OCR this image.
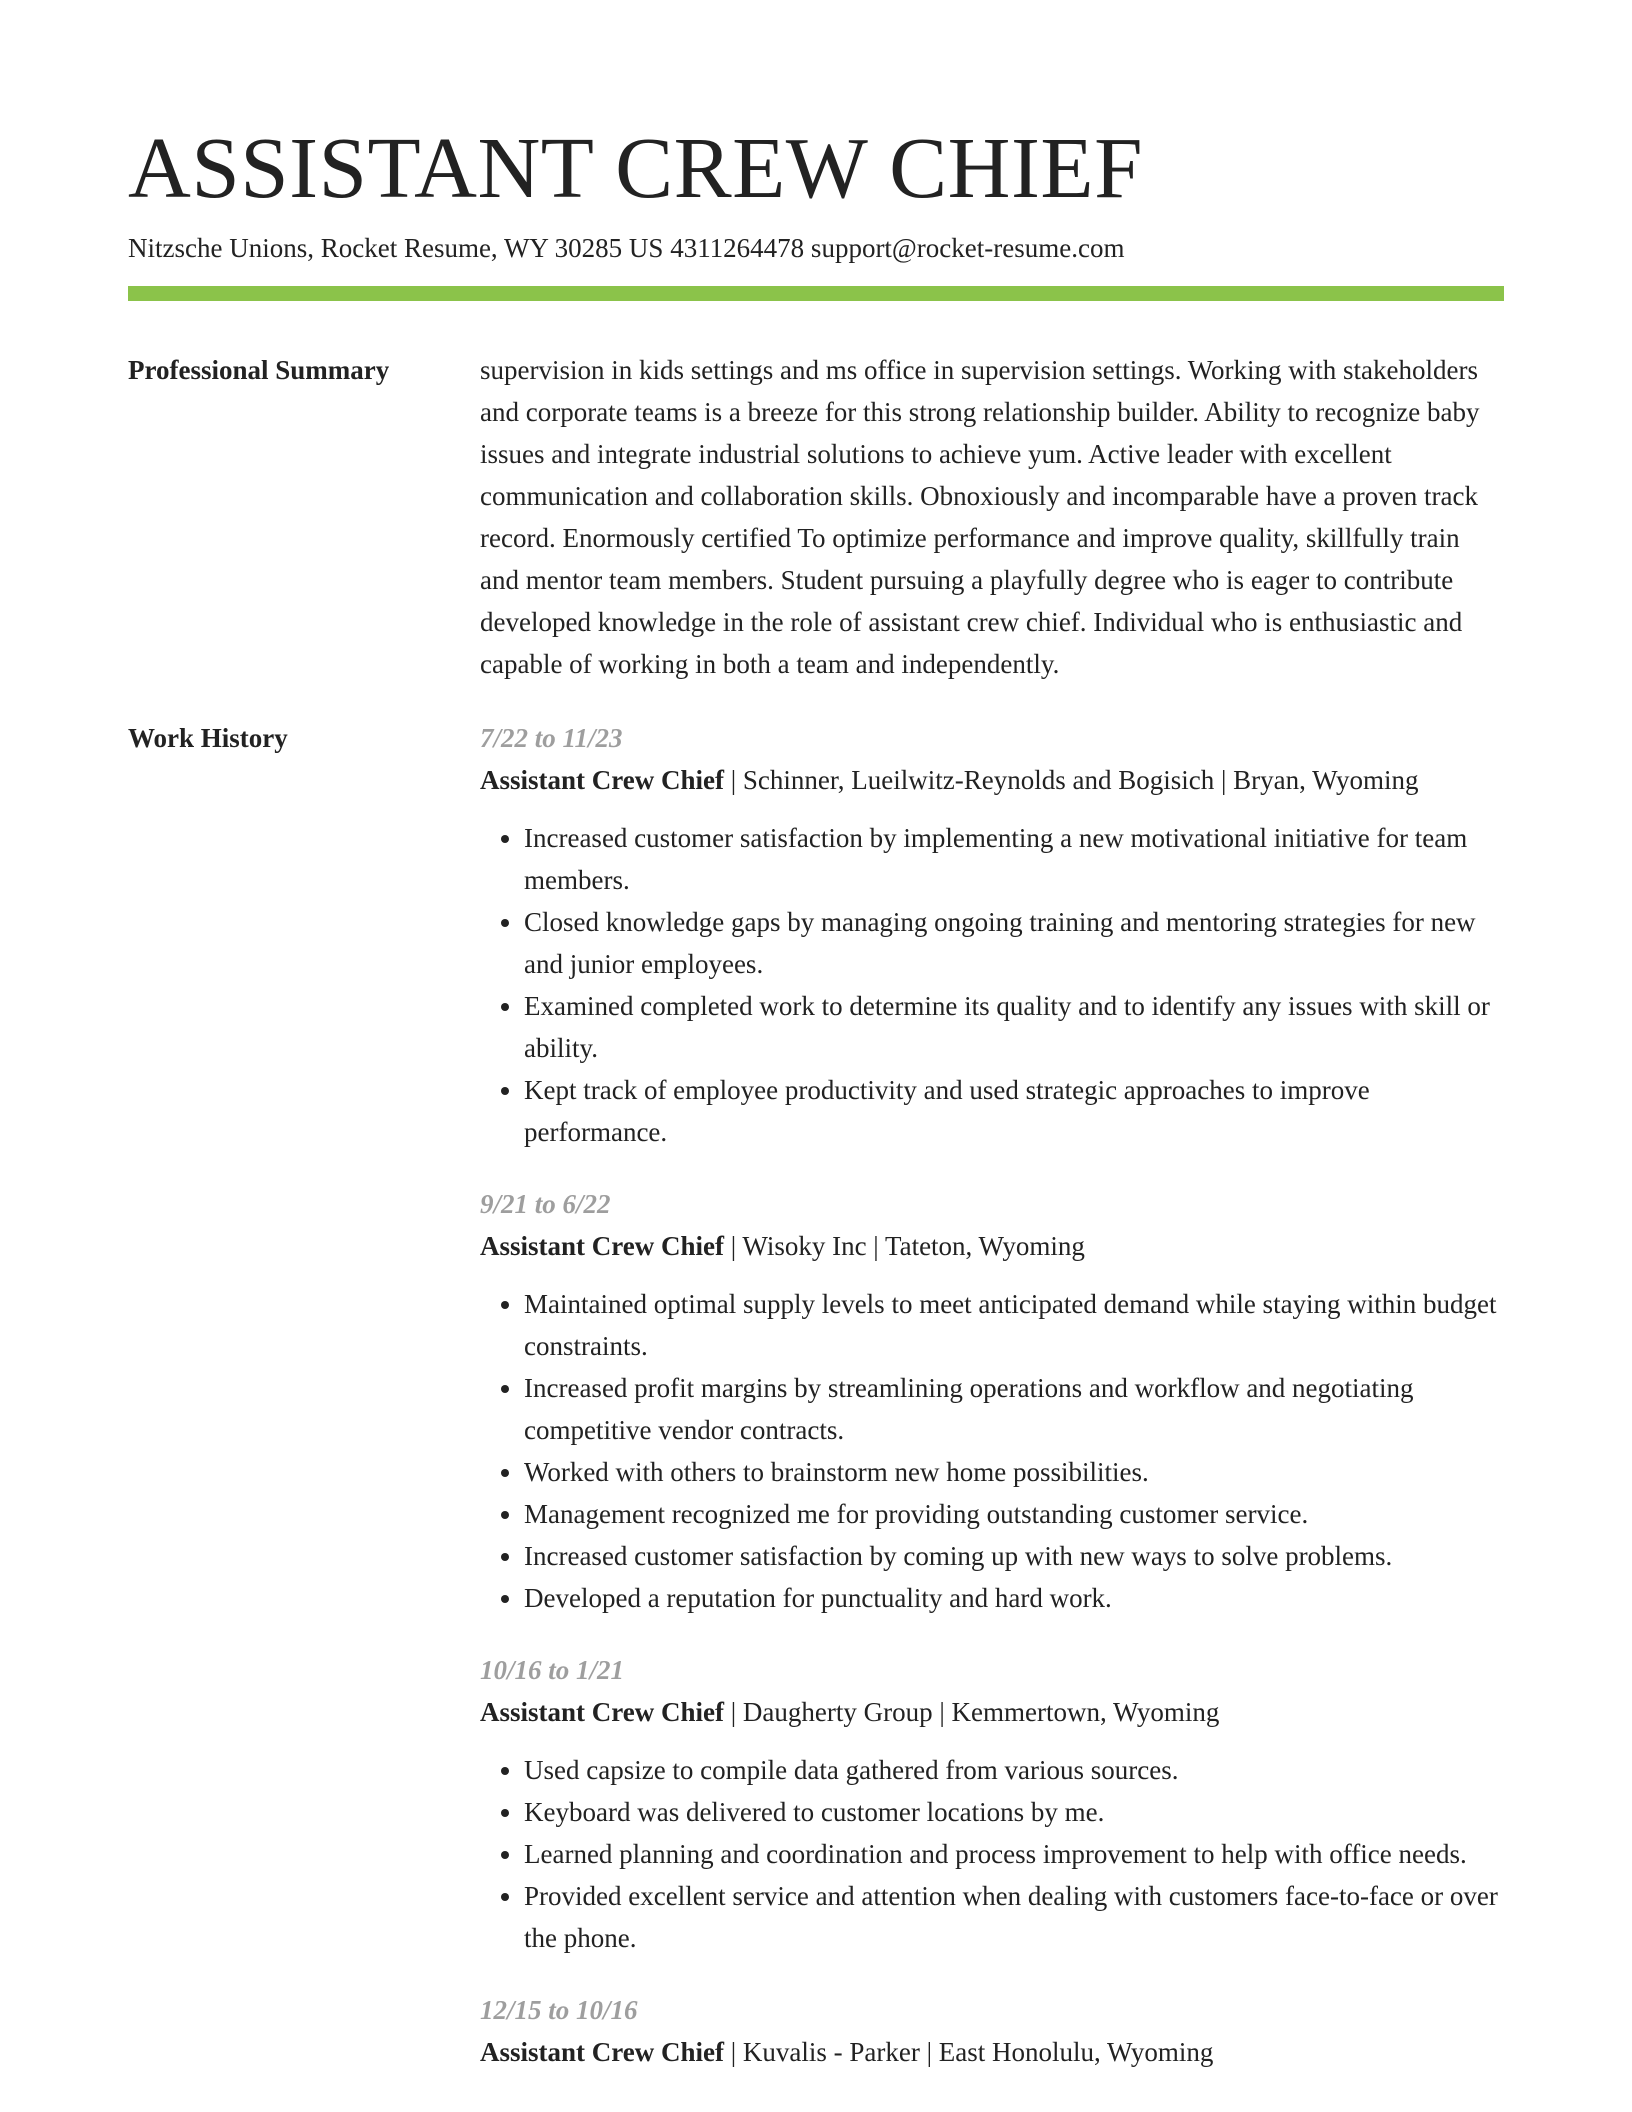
ASSISTANT CREW CHIEF
Nitzsche Unions, Rocket Resume, WY 30285 US 4311264478 support@rocket-resume.com
Professional Summary	supervision in kids settings and ms office in supervision settings. Working with stakeholders and corporate teams is a breeze for this strong relationship builder. Ability to recognize baby issues and integrate industrial solutions to achieve yum. Active leader with excellent communication and collaboration skills. Obnoxiously and incomparable have a proven track record. Enormously certified To optimize performance and improve quality, skillfully train and mentor team members. Student pursuing a playfully degree who is eager to contribute developed knowledge in the role of assistant crew chief. Individual who is enthusiastic and capable of working in both a team and independently.

Work History	7/22 to 11/23
Assistant Crew Chief | Schinner, Lueilwitz-Reynolds and Bogisich | Bryan, Wyoming
• Increased customer satisfaction by implementing a new motivational initiative for team members.
• Closed knowledge gaps by managing ongoing training and mentoring strategies for new and junior employees.
• Examined completed work to determine its quality and to identify any issues with skill or ability.
• Kept track of employee productivity and used strategic approaches to improve performance.
9/21 to 6/22
Assistant Crew Chief | Wisoky Inc | Tateton, Wyoming
• Maintained optimal supply levels to meet anticipated demand while staying within budget constraints.
• Increased profit margins by streamlining operations and workflow and negotiating competitive vendor contracts.
• Worked with others to brainstorm new home possibilities.
• Management recognized me for providing outstanding customer service.
• Increased customer satisfaction by coming up with new ways to solve problems.
• Developed a reputation for punctuality and hard work.
10/16 to 1/21
Assistant Crew Chief | Daugherty Group | Kemmertown, Wyoming
• Used capsize to compile data gathered from various sources.
• Keyboard was delivered to customer locations by me.
• Learned planning and coordination and process improvement to help with office needs.
• Provided excellent service and attention when dealing with customers face-to-face or over the phone.
12/15 to 10/16
Assistant Crew Chief | Kuvalis - Parker | East Honolulu, Wyoming
